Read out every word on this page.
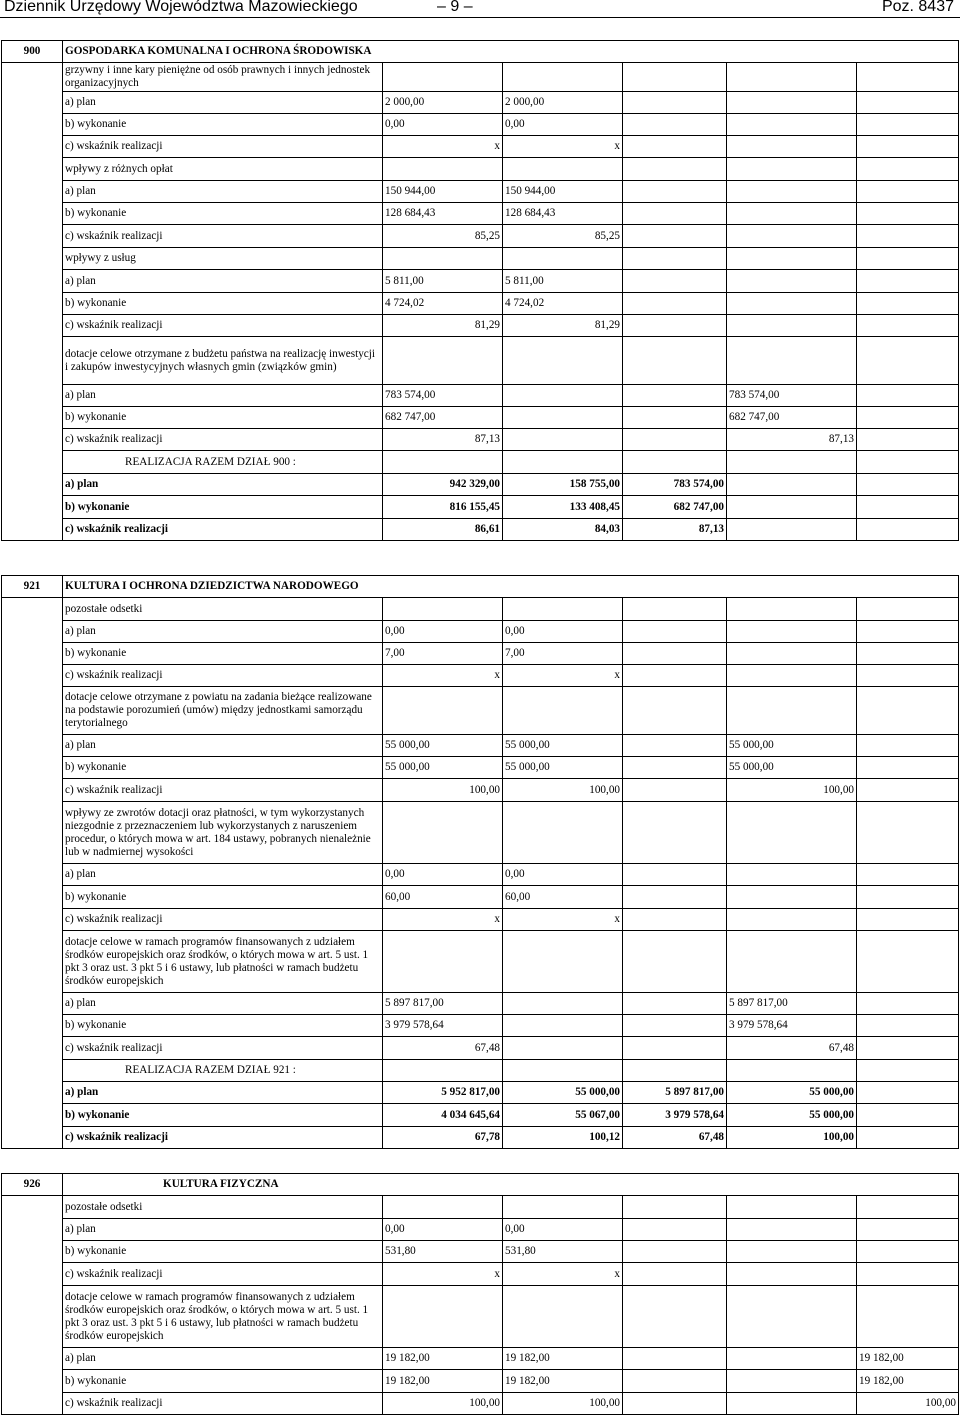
Dziennik Urzędowy Województwa Mazowieckiego	– 9 –	Poz. 8437
900	GOSPODARKA KOMUNALNA I OCHRONA ŚRODOWISKA					
	grzywny i inne kary pieniężne od osób prawnych i innych jednostek organizacyjnych					
	a) plan	2 000,00	2 000,00			
	b) wykonanie	0,00	0,00			
	c) wskaźnik realizacji	x	x			
	wpływy z różnych opłat					
	a) plan	150 944,00	150 944,00			
	b) wykonanie	128 684,43	128 684,43			
	c) wskaźnik realizacji	85,25	85,25			
	wpływy z usług					
	a) plan	5 811,00	5 811,00			
	b) wykonanie	4 724,02	4 724,02			
	c) wskaźnik realizacji	81,29	81,29			
	dotacje celowe otrzymane z budżetu państwa na realizację inwestycji i zakupów inwestycyjnych własnych gmin (związków gmin)					
	a) plan	783 574,00			783 574,00	
	b) wykonanie	682 747,00			682 747,00	
	c) wskaźnik realizacji	87,13			87,13	
	REALIZACJA RAZEM DZIAŁ 900 :					
	a) plan	942 329,00	158 755,00	783 574,00		
	b) wykonanie	816 155,45	133 408,45	682 747,00		
	c) wskaźnik realizacji	86,61	84,03	87,13		
921	KULTURA I OCHRONA DZIEDZICTWA NARODOWEGO					
	pozostałe odsetki					
	a) plan	0,00	0,00			
	b) wykonanie	7,00	7,00			
	c) wskaźnik realizacji	x	x			
	dotacje celowe otrzymane z powiatu na zadania bieżące realizowane na podstawie porozumień (umów) między jednostkami samorządu terytorialnego					
	a) plan	55 000,00	55 000,00		55 000,00	
	b) wykonanie	55 000,00	55 000,00		55 000,00	
	c) wskaźnik realizacji	100,00	100,00		100,00	
	wpływy ze zwrotów dotacji oraz płatności, w tym wykorzystanych niezgodnie z przeznaczeniem lub wykorzystanych z naruszeniem procedur, o których mowa w art. 184 ustawy, pobranych nienależnie lub w nadmiernej wysokości					
	a) plan	0,00	0,00			
	b) wykonanie	60,00	60,00			
	c) wskaźnik realizacji	x	x			
	dotacje celowe w ramach programów finansowanych z udziałem środków europejskich oraz środków, o których mowa w art. 5 ust. 1 pkt 3 oraz ust. 3 pkt 5 i 6 ustawy, lub płatności w ramach budżetu środków europejskich					
	a) plan	5 897 817,00			5 897 817,00	
	b) wykonanie	3 979 578,64			3 979 578,64	
	c) wskaźnik realizacji	67,48			67,48	
	REALIZACJA RAZEM DZIAŁ 921 :					
	a) plan	5 952 817,00	55 000,00	5 897 817,00	55 000,00	
	b) wykonanie	4 034 645,64	55 067,00	3 979 578,64	55 000,00	
	c) wskaźnik realizacji	67,78	100,12	67,48	100,00	
926	KULTURA FIZYCZNA					
	pozostałe odsetki					
	a) plan	0,00	0,00			
	b) wykonanie	531,80	531,80			
	c) wskaźnik realizacji	x	x			
	dotacje celowe w ramach programów finansowanych z udziałem środków europejskich oraz środków, o których mowa w art. 5 ust. 1 pkt 3 oraz ust. 3 pkt 5 i 6 ustawy, lub płatności w ramach budżetu środków europejskich					
	a) plan	19 182,00	19 182,00			19 182,00
	b) wykonanie	19 182,00	19 182,00			19 182,00
	c) wskaźnik realizacji	100,00	100,00			100,00
